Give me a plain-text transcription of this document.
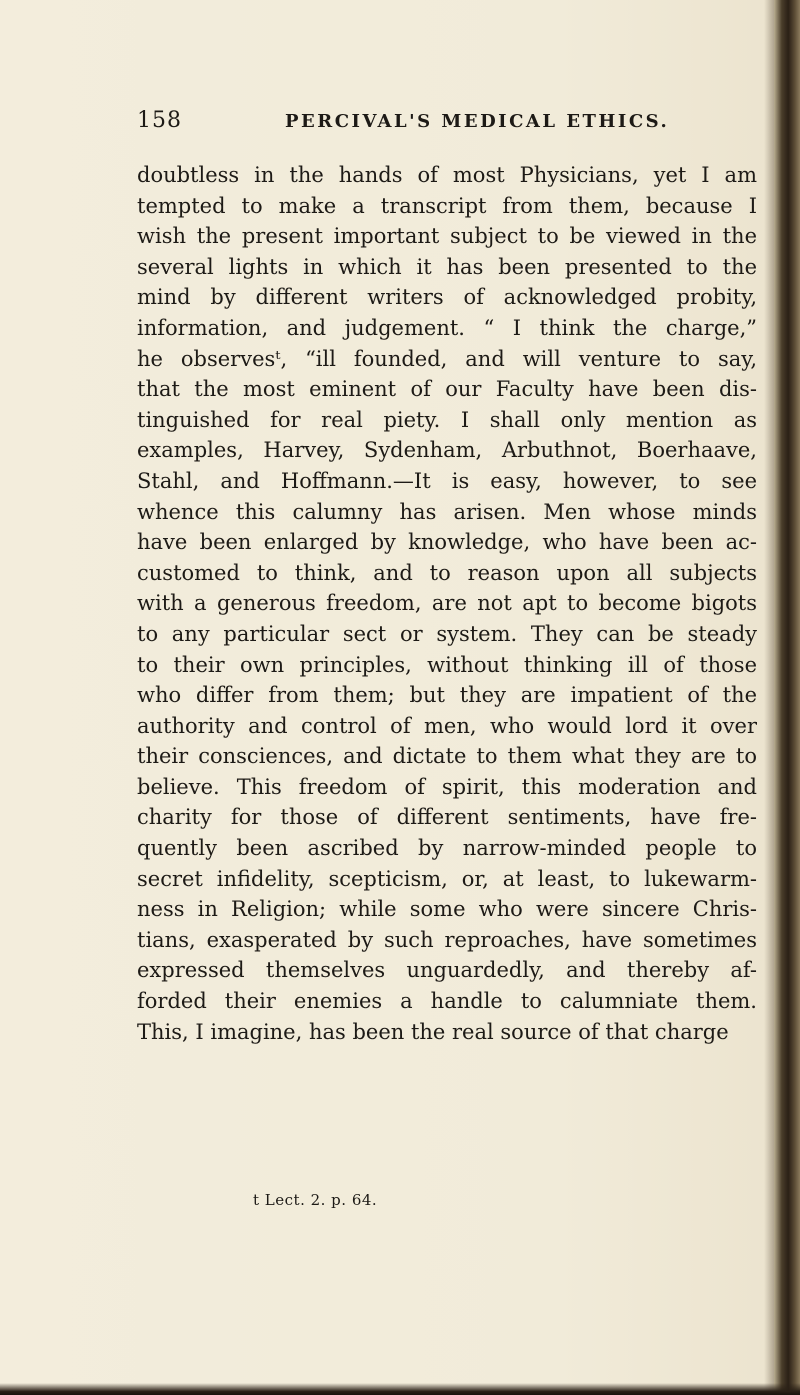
158	PERCIVAL'S MEDICAL ETHICS.
doubtless in the hands of most Physicians, yet I am
tempted to make a transcript from them, because I
wish the present important subject to be viewed in the
several lights in which it has been presented to the
mind by different writers of acknowledged probity,
information, and judgement. “ I think the charge,”
he observesᵗ, “ill founded, and will venture to say,
that the most eminent of our Faculty have been dis-
tinguished for real piety. I shall only mention as
examples, Harvey, Sydenham, Arbuthnot, Boerhaave,
Stahl, and Hoffmann.—It is easy, however, to see
whence this calumny has arisen. Men whose minds
have been enlarged by knowledge, who have been ac-
customed to think, and to reason upon all subjects
with a generous freedom, are not apt to become bigots
to any particular sect or system. They can be steady
to their own principles, without thinking ill of those
who differ from them; but they are impatient of the
authority and control of men, who would lord it over
their consciences, and dictate to them what they are to
believe. This freedom of spirit, this moderation and
charity for those of different sentiments, have fre-
quently been ascribed by narrow-minded people to
secret infidelity, scepticism, or, at least, to lukewarm-
ness in Religion; while some who were sincere Chris-
tians, exasperated by such reproaches, have sometimes
expressed themselves unguardedly, and thereby af-
forded their enemies a handle to calumniate them.
This, I imagine, has been the real source of that charge
t Lect. 2. p. 64.
